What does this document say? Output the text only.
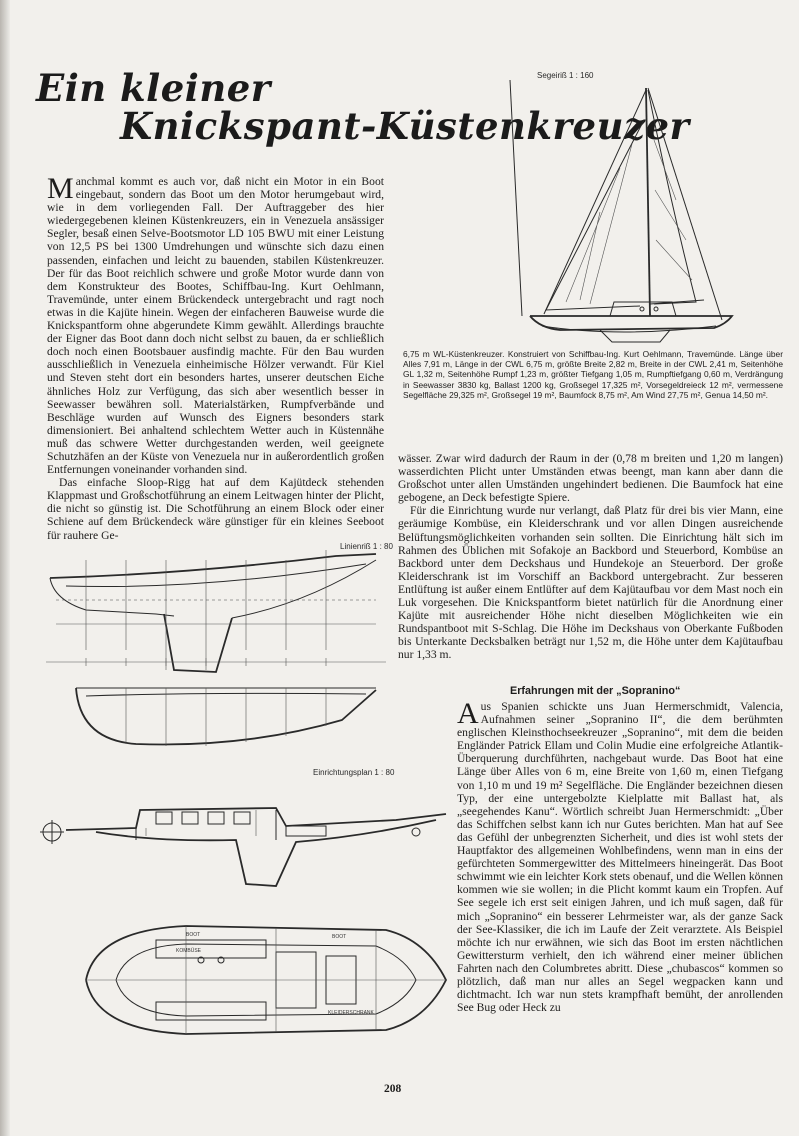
Ein kleiner
Knickspant-Küstenkreuzer

Manchmal kommt es auch vor, daß nicht ein Motor in ein Boot eingebaut, sondern das Boot um den Motor herumgebaut wird, wie in dem vorliegenden Fall. Der Auftraggeber des hier wiedergegebenen kleinen Küstenkreuzers, ein in Venezuela ansässiger Segler, besaß einen Selve-Bootsmotor LD 105 BWU mit einer Leistung von 12,5 PS bei 1300 Umdrehungen und wünschte sich dazu einen passenden, einfachen und leicht zu bauenden, stabilen Küstenkreuzer. Der für das Boot reichlich schwere und große Motor wurde dann von dem Konstrukteur des Bootes, Schiffbau-Ing. Kurt Oehlmann, Travemünde, unter einem Brückendeck untergebracht und ragt noch etwas in die Kajüte hinein. Wegen der einfacheren Bauweise wurde die Knickspantform ohne abgerundete Kimm gewählt. Allerdings brauchte der Eigner das Boot dann doch nicht selbst zu bauen, da er schließlich doch noch einen Bootsbauer ausfindig machte. Für den Bau wurden ausschließlich in Venezuela einheimische Hölzer verwandt. Für Kiel und Steven steht dort ein besonders hartes, unserer deutschen Eiche ähnliches Holz zur Verfügung, das sich aber wesentlich besser in Seewasser bewähren soll. Materialstärken, Rumpfverbände und Beschläge wurden auf Wunsch des Eigners besonders stark dimensioniert. Bei anhaltend schlechtem Wetter auch in Küstennähe muß das schwere Wetter durchgestanden werden, weil geeignete Schutzhäfen an der Küste von Venezuela nur in außerordentlich großen Entfernungen voneinander vorhanden sind.

Das einfache Sloop-Rigg hat auf dem Kajütdeck stehenden Klappmast und Großschotführung an einem Leitwagen hinter der Plicht, die nicht so günstig ist. Die Schotführung an einem Block oder einer Schiene auf dem Brückendeck wäre günstiger für ein kleines Seeboot für rauhere Ge-

Segeiriß 1 : 160
6,75 m WL-Küstenkreuzer. Konstruiert von Schiffbau-Ing. Kurt Oehlmann, Travemünde. Länge über Alles 7,91 m, Länge in der CWL 6,75 m, größte Breite 2,82 m, Breite in der CWL 2,41 m, Seitenhöhe GL 1,32 m, Seitenhöhe Rumpf 1,23 m, größter Tiefgang 1,05 m, Rumpftiefgang 0,60 m, Verdrängung in Seewasser 3830 kg, Ballast 1200 kg, Großsegel 17,325 m², Vorsegeldreieck 12 m², vermessene Segelfläche 29,325 m², Großsegel 19 m², Baumfock 8,75 m², Am Wind 27,75 m², Genua 14,50 m².

wässer. Zwar wird dadurch der Raum in der (0,78 m breiten und 1,20 m langen) wasserdichten Plicht unter Umständen etwas beengt, man kann aber dann die Großschot unter allen Umständen ungehindert bedienen. Die Baumfock hat eine gebogene, an Deck befestigte Spiere.

Für die Einrichtung wurde nur verlangt, daß Platz für drei bis vier Mann, eine geräumige Kombüse, ein Kleiderschrank und vor allen Dingen ausreichende Belüftungsmöglichkeiten vorhanden sein sollten. Die Einrichtung hält sich im Rahmen des Üblichen mit Sofakoje an Backbord und Steuerbord, Kombüse an Backbord unter dem Deckshaus und Hundekoje an Steuerbord. Der große Kleiderschrank ist im Vorschiff an Backbord untergebracht. Zur besseren Entlüftung ist außer einem Entlüfter auf dem Kajütaufbau vor dem Mast noch ein Luk vorgesehen. Die Knickspantform bietet natürlich für die Anordnung einer Kajüte mit ausreichender Höhe nicht dieselben Möglichkeiten wie ein Rundspantboot mit S-Schlag. Die Höhe im Deckshaus von Oberkante Fußboden bis Unterkante Decksbalken beträgt nur 1,52 m, die Höhe unter dem Kajütaufbau nur 1,33 m.

Erfahrungen mit der „Sopranino“

Aus Spanien schickte uns Juan Hermerschmidt, Valencia, Aufnahmen seiner „Sopranino II“, die dem berühmten englischen Kleinsthochseekreuzer „Sopranino“, mit dem die beiden Engländer Patrick Ellam und Colin Mudie eine erfolgreiche Atlantik-Überquerung durchführten, nachgebaut wurde. Das Boot hat eine Länge über Alles von 6 m, eine Breite von 1,60 m, einen Tiefgang von 1,10 m und 19 m² Segelfläche. Die Engländer bezeichnen diesen Typ, der eine untergebolzte Kielplatte mit Ballast hat, als „seegehendes Kanu“. Wörtlich schreibt Juan Hermerschmidt: „Über das Schiffchen selbst kann ich nur Gutes berichten. Man hat auf See das Gefühl der unbegrenzten Sicherheit, und dies ist wohl stets der Hauptfaktor des allgemeinen Wohlbefindens, wenn man in eins der gefürchteten Sommergewitter des Mittelmeers hineingerät. Das Boot schwimmt wie ein leichter Kork stets obenauf, und die Wellen können kommen wie sie wollen; in die Plicht kommt kaum ein Tropfen. Auf See segele ich erst seit einigen Jahren, und ich muß sagen, daß für mich „Sopranino“ ein besserer Lehrmeister war, als der ganze Sack der See-Klassiker, die ich im Laufe der Zeit verarztete. Als Beispiel möchte ich nur erwähnen, wie sich das Boot im ersten nächtlichen Gewittersturm verhielt, den ich während einer meiner üblichen Fahrten nach den Columbretes abritt. Diese „chubascos“ kommen so plötzlich, daß man nur alles an Segel wegpacken kann und dichtmacht. Ich war nun stets krampfhaft bemüht, der anrollenden See Bug oder Heck zu

Linienriß 1 : 80
Einrichtungsplan 1 : 80
BOOT
KOMBÜSE
BOOT
KLEIDERSCHRANK
208
